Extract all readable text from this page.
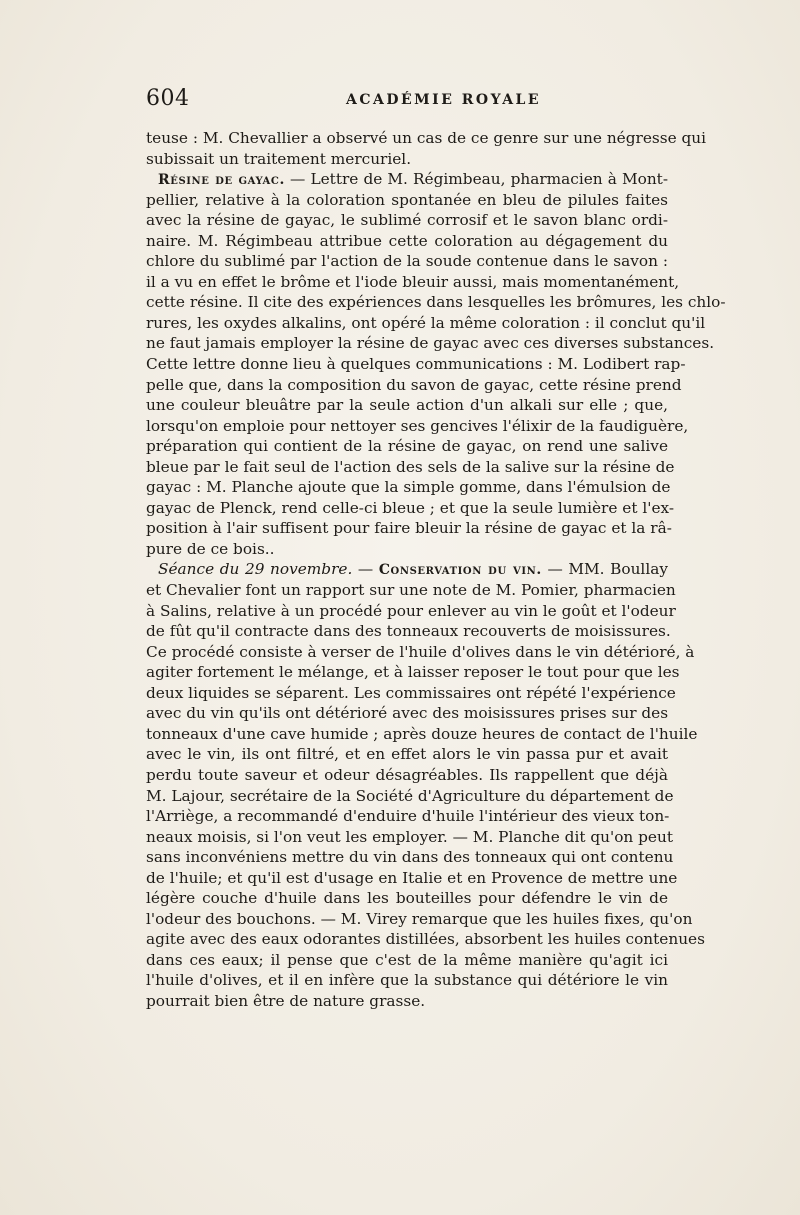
604	ACADÉMIE ROYALE
teuse : M. Chevallier a observé un cas de ce genre sur une négresse qui
subissait un traitement mercuriel.
Résine de gayac. — Lettre de M. Régimbeau, pharmacien à Mont-
pellier, relative à la coloration spontanée en bleu de pilules faites
avec la résine de gayac, le sublimé corrosif et le savon blanc ordi-
naire. M. Régimbeau attribue cette coloration au dégagement du
chlore du sublimé par l'action de la soude contenue dans le savon :
il a vu en effet le brôme et l'iode bleuir aussi, mais momentanément,
cette résine. Il cite des expériences dans lesquelles les brômures, les chlo-
rures, les oxydes alkalins, ont opéré la même coloration : il conclut qu'il
ne faut jamais employer la résine de gayac avec ces diverses substances.
Cette lettre donne lieu à quelques communications : M. Lodibert rap-
pelle que, dans la composition du savon de gayac, cette résine prend
une couleur bleuâtre par la seule action d'un alkali sur elle ; que,
lorsqu'on emploie pour nettoyer ses gencives l'élixir de la faudiguère,
préparation qui contient de la résine de gayac, on rend une salive
bleue par le fait seul de l'action des sels de la salive sur la résine de
gayac : M. Planche ajoute que la simple gomme, dans l'émulsion de
gayac de Plenck, rend celle-ci bleue ; et que la seule lumière et l'ex-
position à l'air suffisent pour faire bleuir la résine de gayac et la râ-
pure de ce bois..
Séance du 29 novembre. — Conservation du vin. — MM. Boullay
et Chevalier font un rapport sur une note de M. Pomier, pharmacien
à Salins, relative à un procédé pour enlever au vin le goût et l'odeur
de fût qu'il contracte dans des tonneaux recouverts de moisissures.
Ce procédé consiste à verser de l'huile d'olives dans le vin détérioré, à
agiter fortement le mélange, et à laisser reposer le tout pour que les
deux liquides se séparent. Les commissaires ont répété l'expérience
avec du vin qu'ils ont détérioré avec des moisissures prises sur des
tonneaux d'une cave humide ; après douze heures de contact de l'huile
avec le vin, ils ont filtré, et en effet alors le vin passa pur et avait
perdu toute saveur et odeur désagréables. Ils rappellent que déjà
M. Lajour, secrétaire de la Société d'Agriculture du département de
l'Arriège, a recommandé d'enduire d'huile l'intérieur des vieux ton-
neaux moisis, si l'on veut les employer. — M. Planche dit qu'on peut
sans inconvéniens mettre du vin dans des tonneaux qui ont contenu
de l'huile; et qu'il est d'usage en Italie et en Provence de mettre une
légère couche d'huile dans les bouteilles pour défendre le vin de
l'odeur des bouchons. — M. Virey remarque que les huiles fixes, qu'on
agite avec des eaux odorantes distillées, absorbent les huiles contenues
dans ces eaux; il pense que c'est de la même manière qu'agit ici
l'huile d'olives, et il en infère que la substance qui détériore le vin
pourrait bien être de nature grasse.
